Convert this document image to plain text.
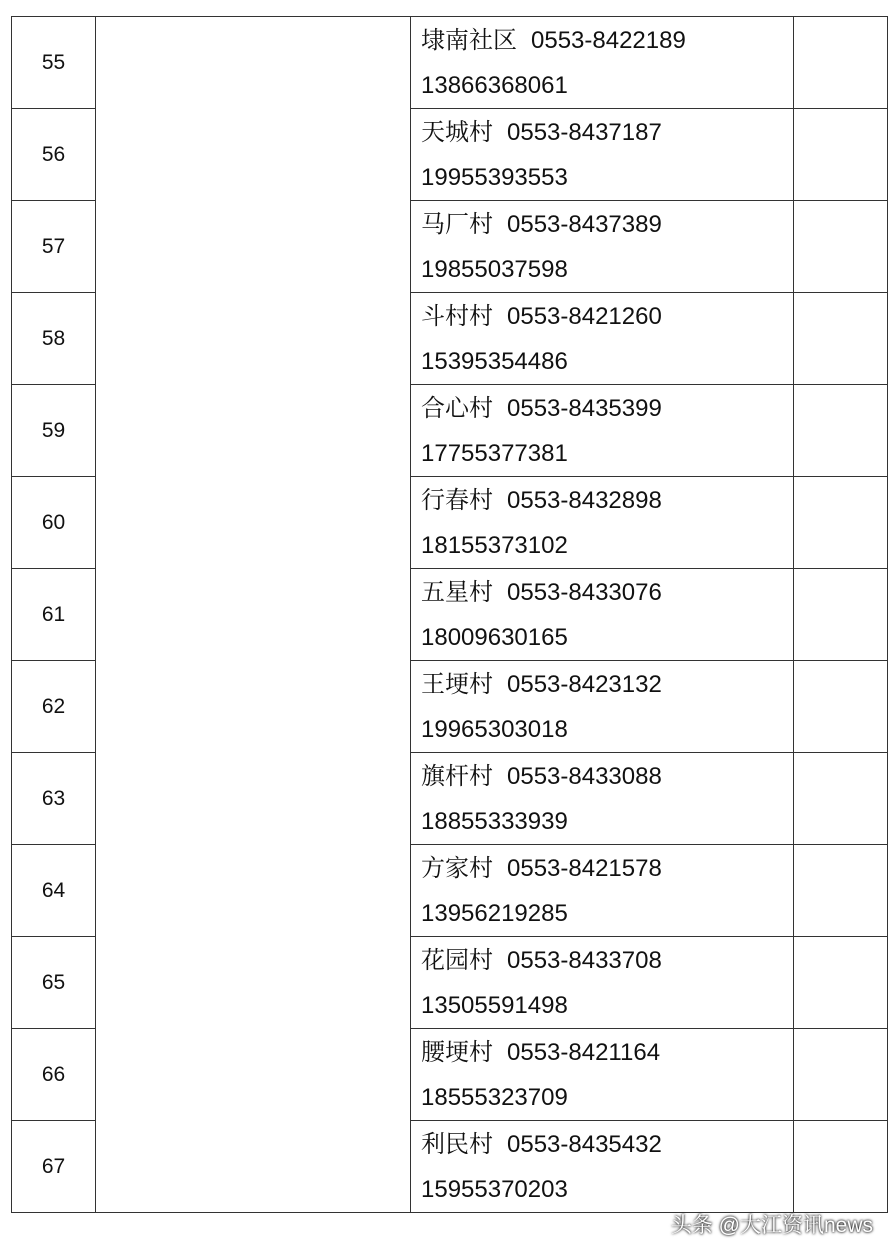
55		埭南社区 0553-8422189
13866368061	

56		天城村 0553-8437187
19955393553	

57		马厂村 0553-8437389
19855037598	

58		斗村村 0553-8421260
15395354486	

59		合心村 0553-8435399
17755377381	

60		行春村 0553-8432898
18155373102	

61		五星村 0553-8433076
18009630165	

62		王埂村 0553-8423132
19965303018	

63		旗杆村 0553-8433088
18855333939	

64		方家村 0553-8421578
13956219285	

65		花园村 0553-8433708
13505591498	

66		腰埂村 0553-8421164
18555323709	

67		利民村 0553-8435432
15955370203	

头条 @大江资讯news
